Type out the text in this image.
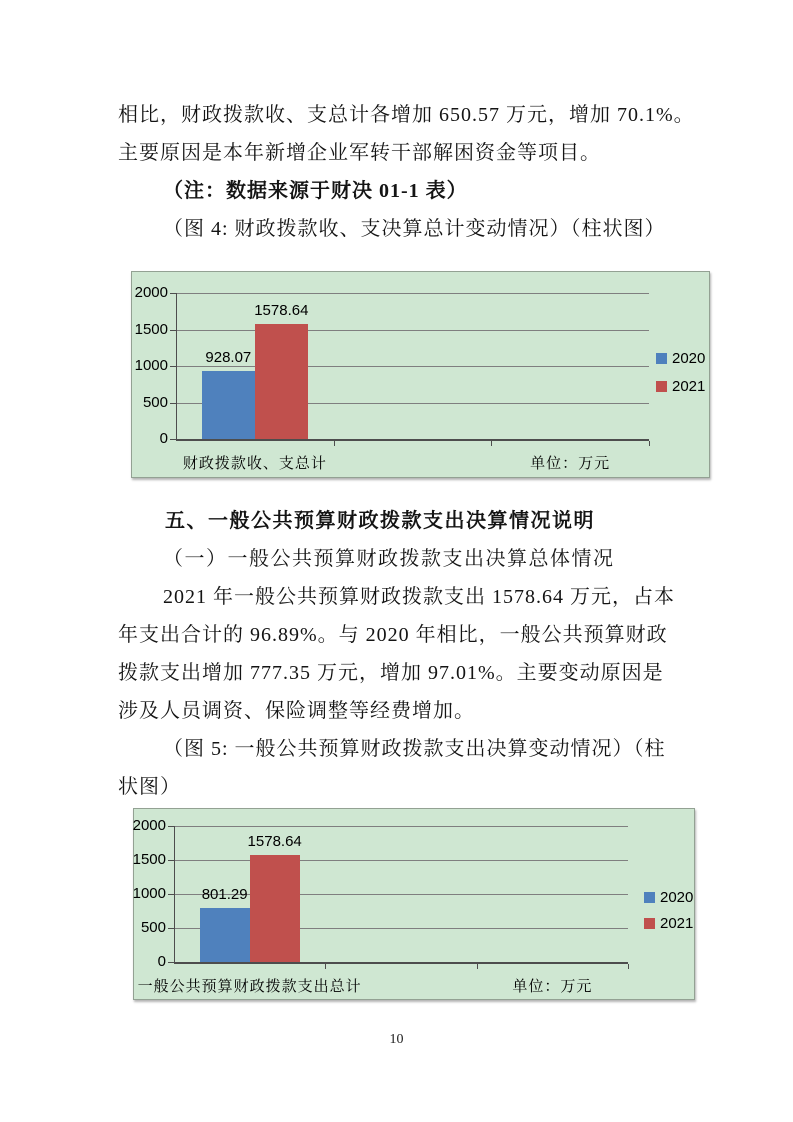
相比，财政拨款收、支总计各增加 650.57 万元，增加 70.1%。

主要原因是本年新增企业军转干部解困资金等项目。

（注：数据来源于财决 01-1 表）

（图 4: 财政拨款收、支决算总计变动情况）（柱状图）

0
500
1000
1500
2000
928.07
1578.64
财政拨款收、支总计	单位：万元
2020
2021

五、一般公共预算财政拨款支出决算情况说明

（一）一般公共预算财政拨款支出决算总体情况

2021 年一般公共预算财政拨款支出 1578.64 万元，占本

年支出合计的 96.89%。与 2020 年相比，一般公共预算财政

拨款支出增加 777.35 万元，增加 97.01%。主要变动原因是

涉及人员调资、保险调整等经费增加。

（图 5: 一般公共预算财政拨款支出决算变动情况）（柱

状图）

0
500
1000
1500
2000
801.29
1578.64
一般公共预算财政拨款支出总计	单位：万元
2020
2021
10
